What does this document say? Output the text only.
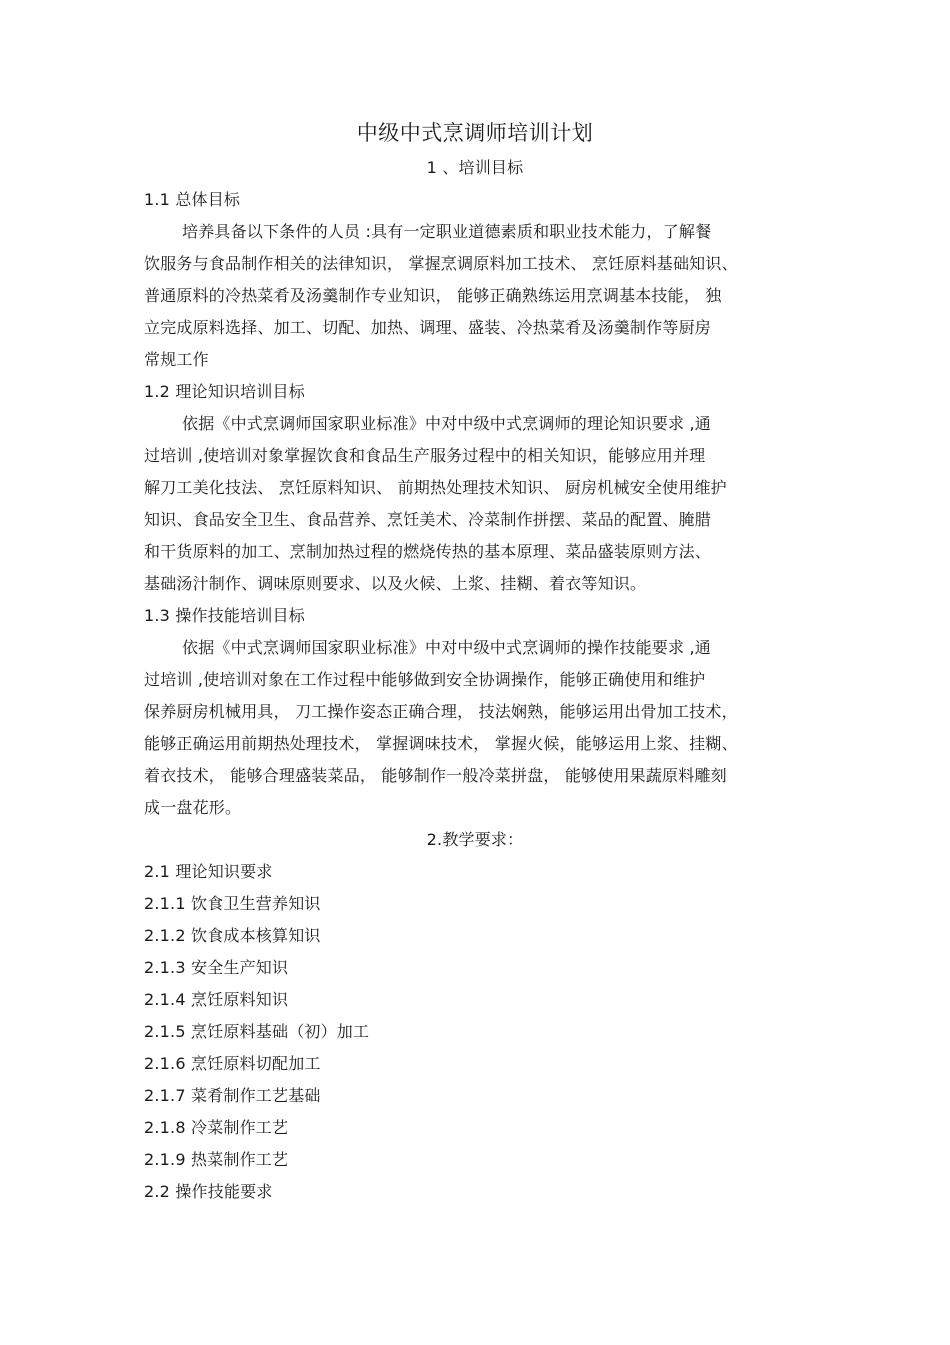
中级中式烹调师培训计划
1 、培训目标
1.1 总体目标
培养具备以下条件的人员 :具有一定职业道德素质和职业技术能力，了解餐
饮服务与食品制作相关的法律知识， 掌握烹调原料加工技术、 烹饪原料基础知识、
普通原料的冷热菜肴及汤羹制作专业知识， 能够正确熟练运用烹调基本技能， 独
立完成原料选择、加工、切配、加热、调理、盛装、冷热菜肴及汤羹制作等厨房
常规工作
1.2 理论知识培训目标
依据《中式烹调师国家职业标准》中对中级中式烹调师的理论知识要求 ,通
过培训 ,使培训对象掌握饮食和食品生产服务过程中的相关知识，能够应用并理
解刀工美化技法、 烹饪原料知识、 前期热处理技术知识、 厨房机械安全使用维护
知识、食品安全卫生、食品营养、烹饪美术、冷菜制作拼摆、菜品的配置、腌腊
和干货原料的加工、烹制加热过程的燃烧传热的基本原理、菜品盛装原则方法、
基础汤汁制作、调味原则要求、以及火候、上浆、挂糊、着衣等知识。
1.3 操作技能培训目标
依据《中式烹调师国家职业标准》中对中级中式烹调师的操作技能要求 ,通
过培训 ,使培训对象在工作过程中能够做到安全协调操作，能够正确使用和维护
保养厨房机械用具， 刀工操作姿态正确合理， 技法娴熟，能够运用出骨加工技术，
能够正确运用前期热处理技术， 掌握调味技术， 掌握火候，能够运用上浆、挂糊、
着衣技术， 能够合理盛装菜品， 能够制作一般冷菜拼盘， 能够使用果蔬原料雕刻
成一盘花形。
2.教学要求：
2.1 理论知识要求
2.1.1 饮食卫生营养知识
2.1.2 饮食成本核算知识
2.1.3 安全生产知识
2.1.4 烹饪原料知识
2.1.5 烹饪原料基础（初）加工
2.1.6 烹饪原料切配加工
2.1.7 菜肴制作工艺基础
2.1.8 冷菜制作工艺
2.1.9 热菜制作工艺
2.2 操作技能要求
